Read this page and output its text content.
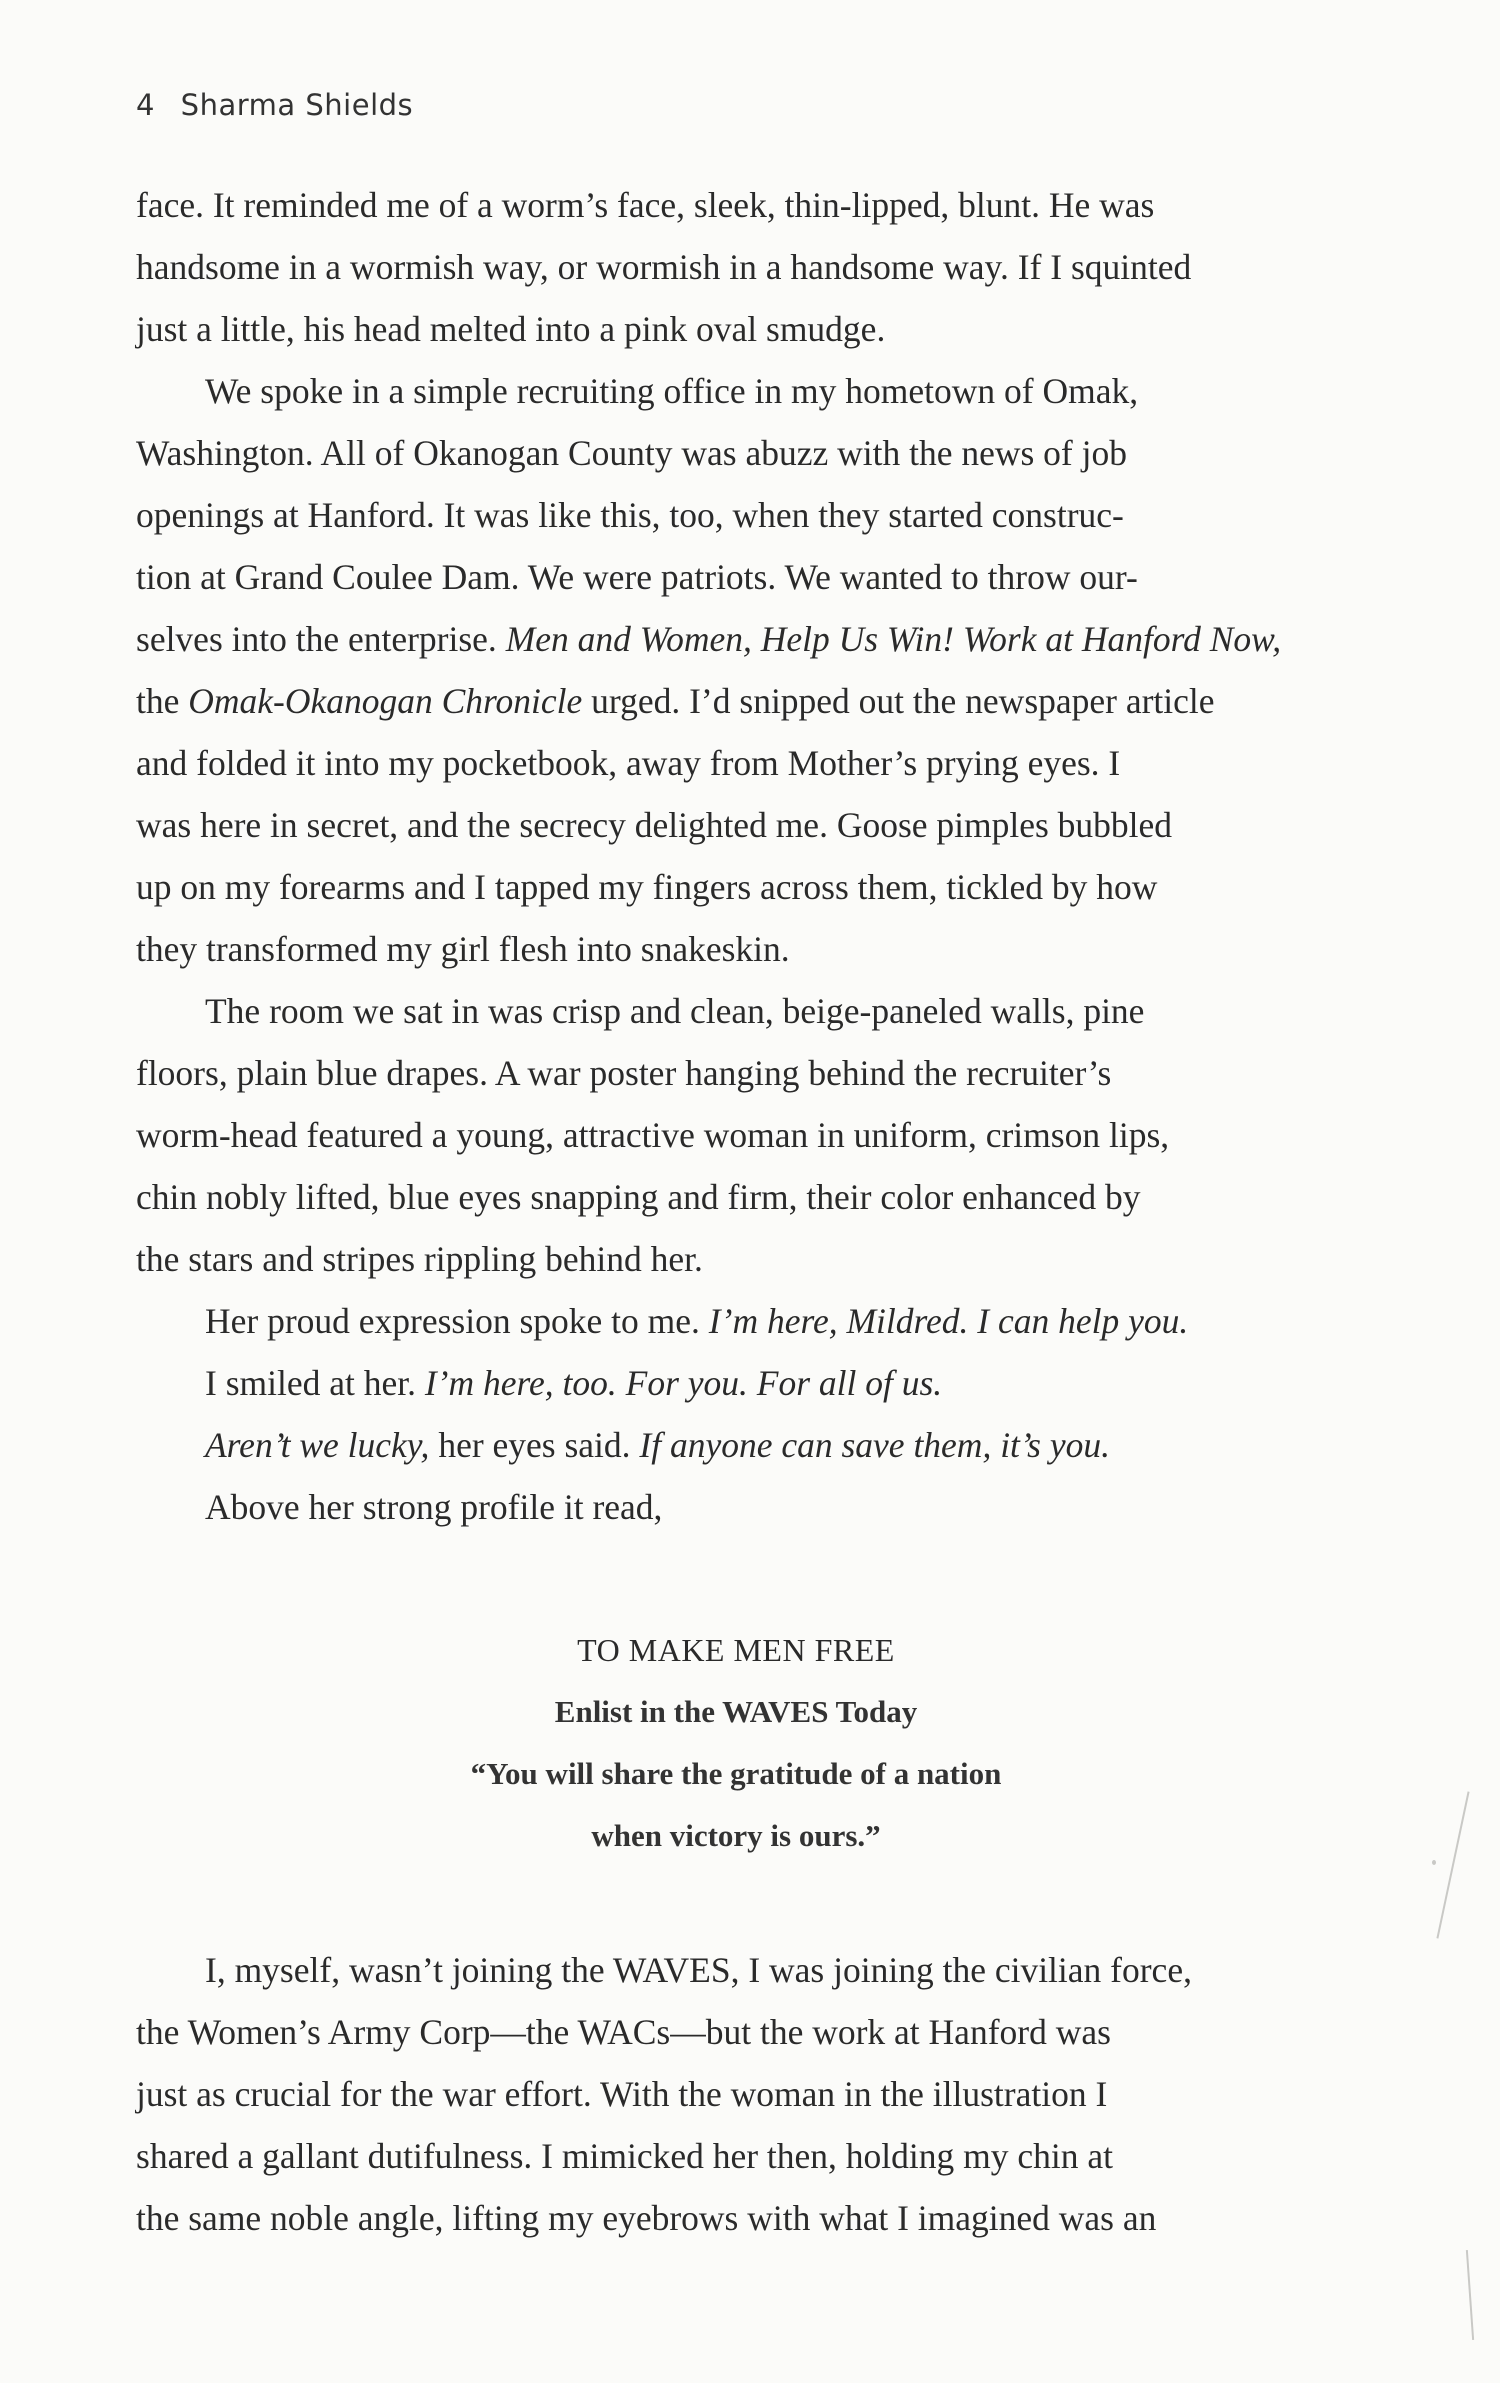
4 Sharma Shields
face. It reminded me of a worm’s face, sleek, thin-lipped, blunt. He was
handsome in a wormish way, or wormish in a handsome way. If I squinted
just a little, his head melted into a pink oval smudge.
We spoke in a simple recruiting office in my hometown of Omak,
Washington. All of Okanogan County was abuzz with the news of job
openings at Hanford. It was like this, too, when they started construc-
tion at Grand Coulee Dam. We were patriots. We wanted to throw our-
selves into the enterprise. Men and Women, Help Us Win! Work at Hanford Now,
the Omak-Okanogan Chronicle urged. I’d snipped out the newspaper article
and folded it into my pocketbook, away from Mother’s prying eyes. I
was here in secret, and the secrecy delighted me. Goose pimples bubbled
up on my forearms and I tapped my fingers across them, tickled by how
they transformed my girl flesh into snakeskin.
The room we sat in was crisp and clean, beige-paneled walls, pine
floors, plain blue drapes. A war poster hanging behind the recruiter’s
worm-head featured a young, attractive woman in uniform, crimson lips,
chin nobly lifted, blue eyes snapping and firm, their color enhanced by
the stars and stripes rippling behind her.
Her proud expression spoke to me. I’m here, Mildred. I can help you.
I smiled at her. I’m here, too. For you. For all of us.
Aren’t we lucky, her eyes said. If anyone can save them, it’s you.
Above her strong profile it read,
TO MAKE MEN FREE
Enlist in the WAVES Today
“You will share the gratitude of a nation
when victory is ours.”
I, myself, wasn’t joining the WAVES, I was joining the civilian force,
the Women’s Army Corp—the WACs—but the work at Hanford was
just as crucial for the war effort. With the woman in the illustration I
shared a gallant dutifulness. I mimicked her then, holding my chin at
the same noble angle, lifting my eyebrows with what I imagined was an
